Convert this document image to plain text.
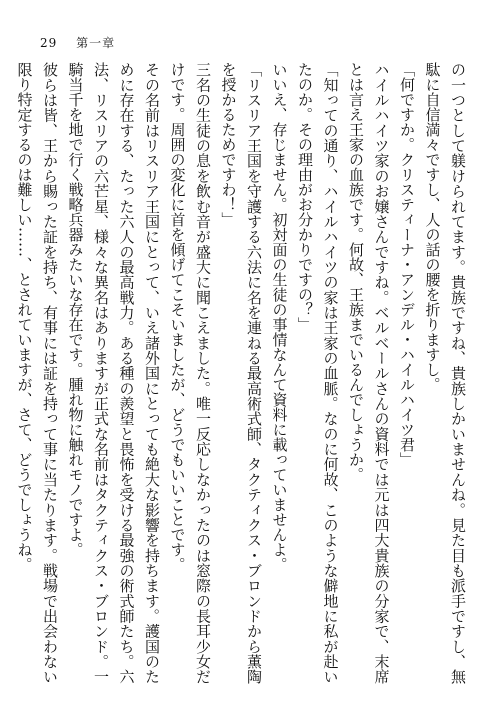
29 第一章

の一つとして躾けられてます。貴族ですね、貴族しかいませんね。見た目も派手ですし、無駄に自信満々ですし、人の話の腰を折りますし。

「何ですか。クリスティーナ・アンデル・ハイルハイツ君」

ハイルハイツ家のお嬢さんですね。ベルベールさんの資料では元は四大貴族の分家で、末席とは言え王家の血族です。何故、王族までいるんでしょうか。

「知っての通り、ハイルハイツの家は王家の血脈。なのに何故、このような僻地に私が赴いたのか。その理由がお分かりですの？」

いいえ、存じません。初対面の生徒の事情なんて資料に載っていませんよ。

「リスリア王国を守護する六法に名を連ねる最高術式師、タクティクス・ブロンドから薫陶を授かるためですわ！」

三名の生徒の息を飲む音が盛大に聞こえました。唯一反応しなかったのは窓際の長耳少女だけです。周囲の変化に首を傾げてこそいましたが、どうでもいいことです。

その名前はリスリア王国にとって、いえ諸外国にとっても絶大な影響を持ちます。護国のために存在する、たった六人の最高戦力。ある種の羨望と畏怖を受ける最強の術式師たち。六法、リスリアの六芒星、様々な異名はありますが正式な名前はタクティクス・ブロンド。一騎当千を地で行く戦略兵器みたいな存在です。腫れ物に触れモノですよ。

彼らは皆、王から賜った証を持ち、有事には証を持って事に当たります。戦場で出会わない限り特定するのは難しい……、とされていますが、さて、どうでしょうね。
